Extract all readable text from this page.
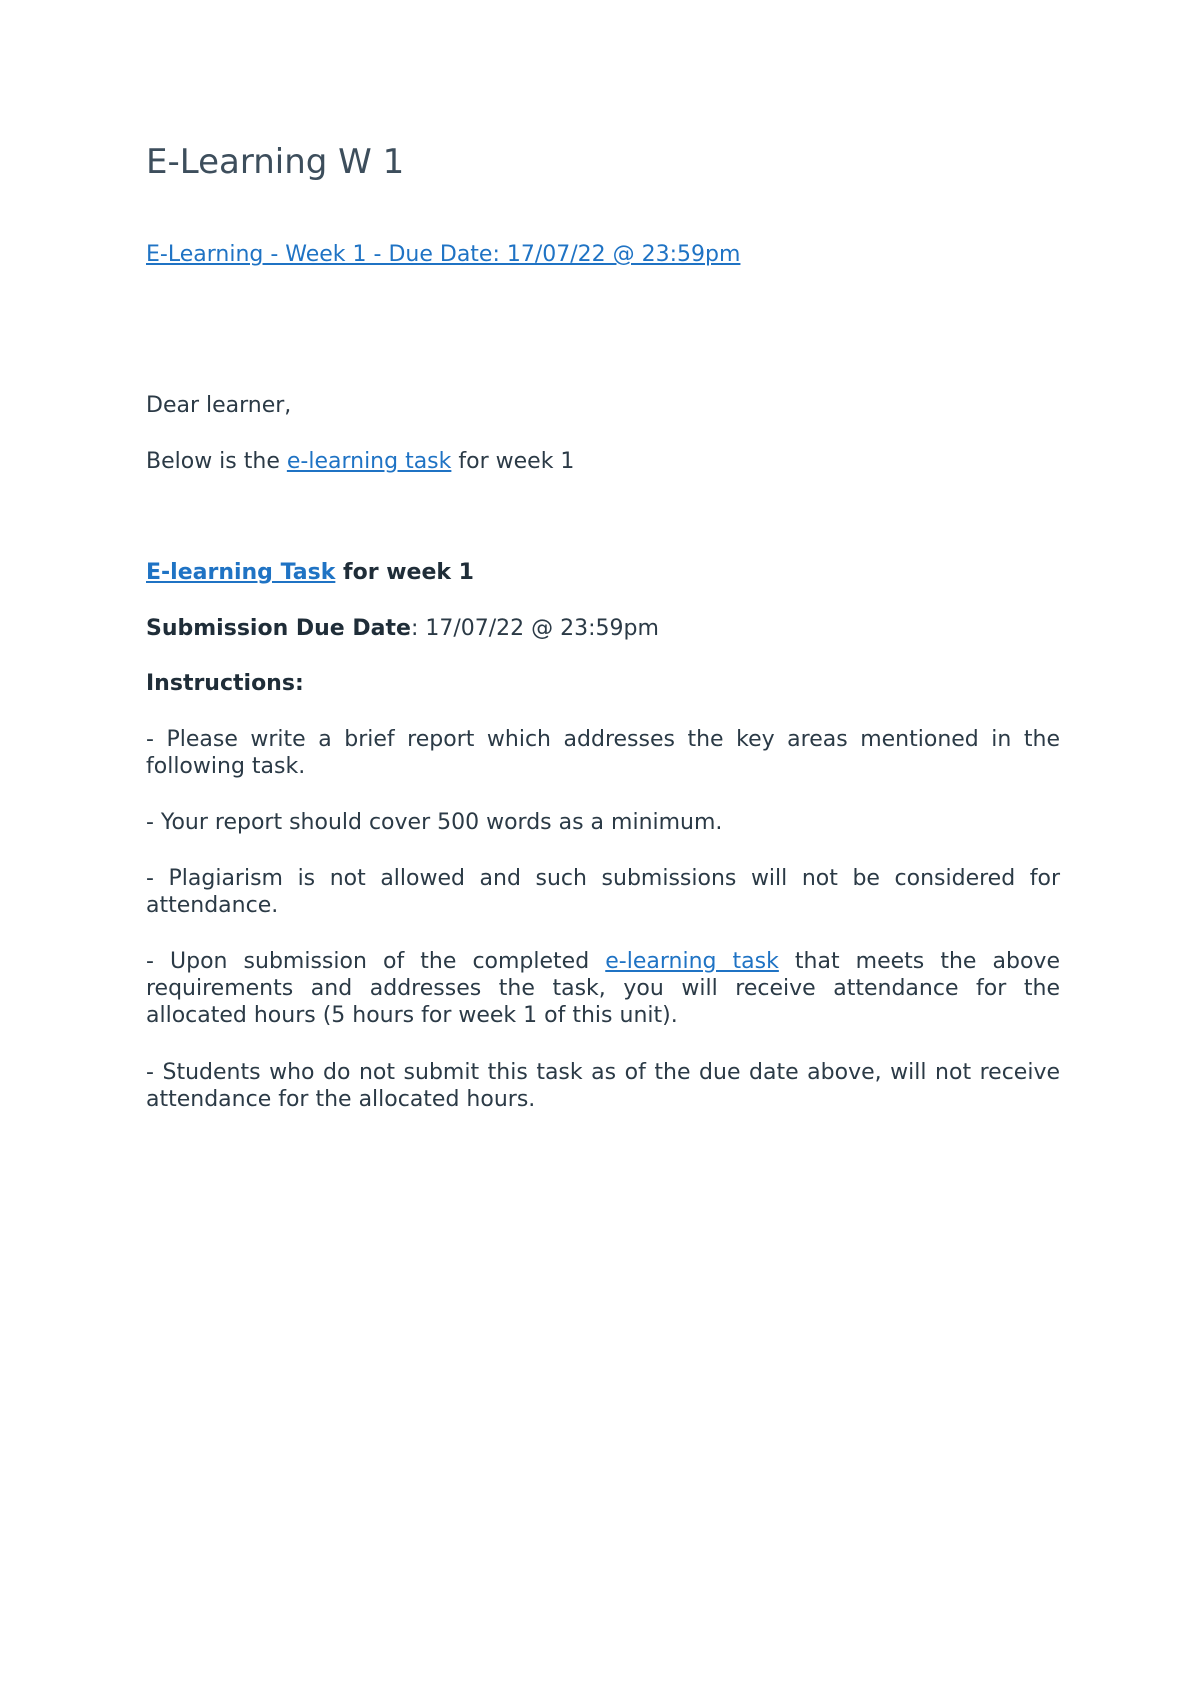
E-Learning W 1
E-Learning - Week 1 - Due Date: 17/07/22 @ 23:59pm

Dear learner,

Below is the e-learning task for week 1

E-learning Task for week 1

Submission Due Date: 17/07/22 @ 23:59pm

Instructions:

- Please write a brief report which addresses the key areas mentioned in the following task.

- Your report should cover 500 words as a minimum.

- Plagiarism is not allowed and such submissions will not be considered for attendance.

- Upon submission of the completed e-learning task that meets the above requirements and addresses the task, you will receive attendance for the allocated hours (5 hours for week 1 of this unit).

- Students who do not submit this task as of the due date above, will not receive attendance for the allocated hours.
